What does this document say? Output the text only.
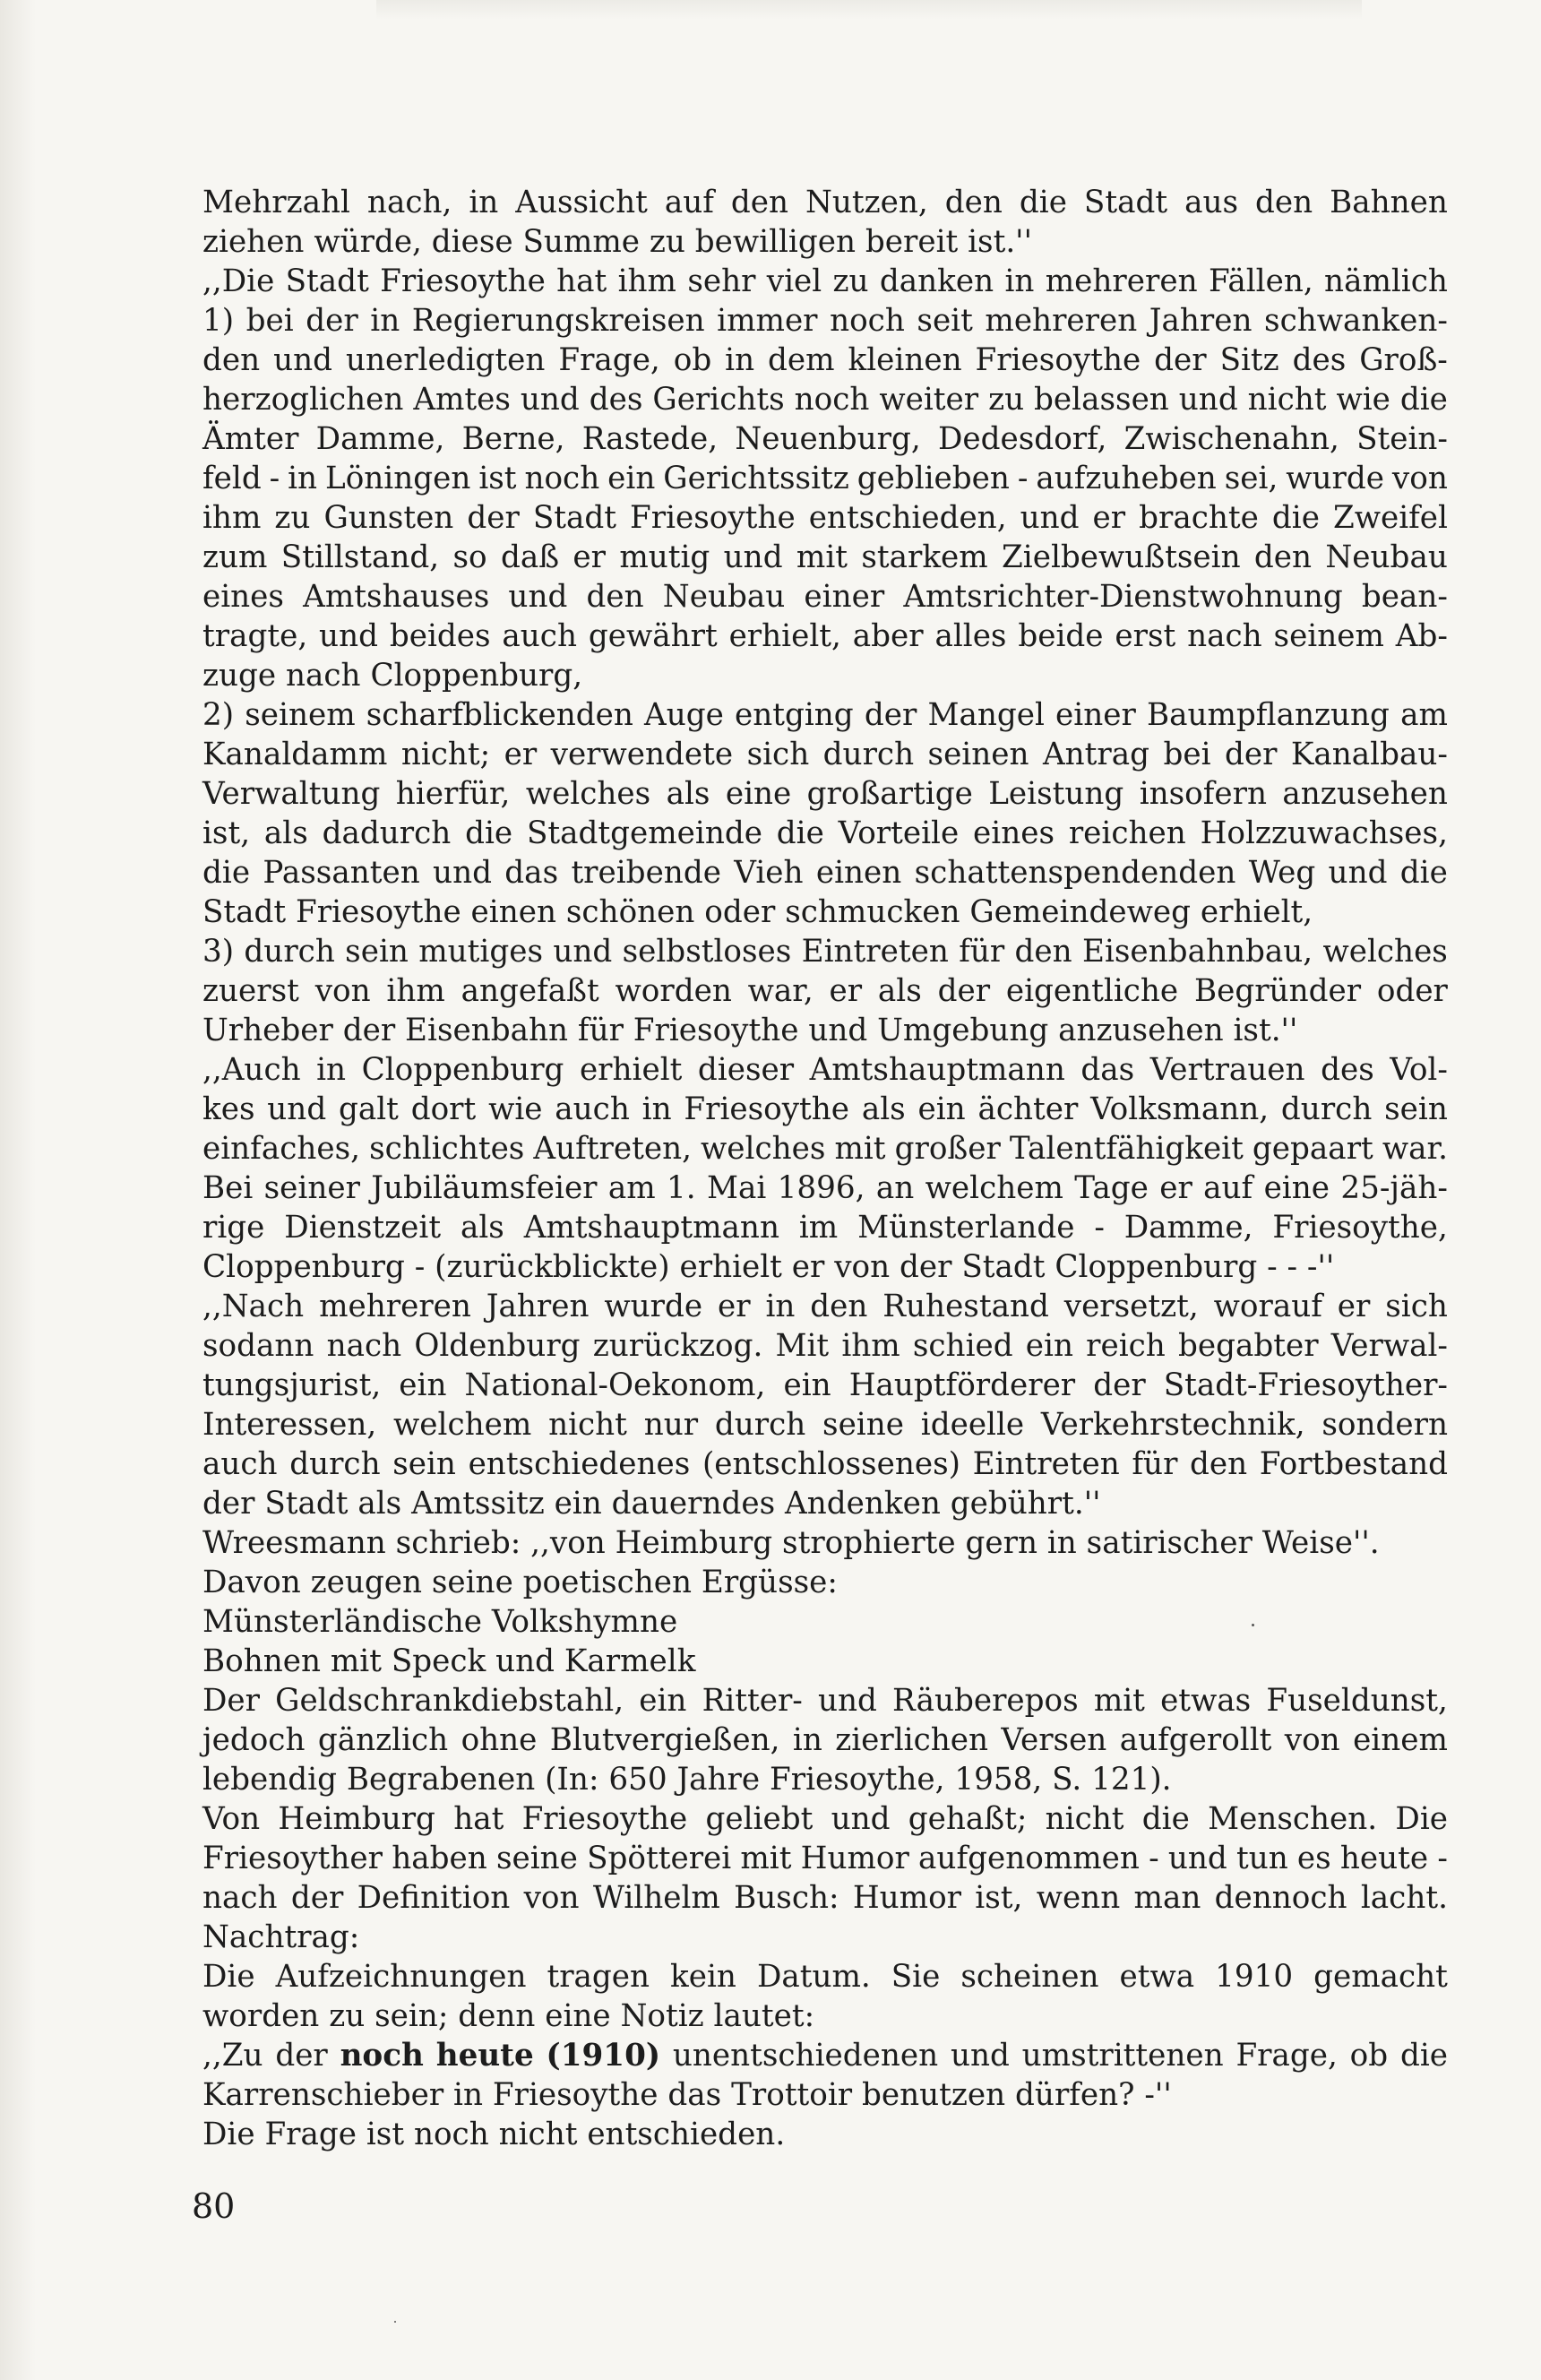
Mehrzahl nach, in Aussicht auf den Nutzen, den die Stadt aus den Bahnen
ziehen würde, diese Summe zu bewilligen bereit ist.''
,,Die Stadt Friesoythe hat ihm sehr viel zu danken in mehreren Fällen, nämlich
1) bei der in Regierungskreisen immer noch seit mehreren Jahren schwanken-
den und unerledigten Frage, ob in dem kleinen Friesoythe der Sitz des Groß-
herzoglichen Amtes und des Gerichts noch weiter zu belassen und nicht wie die
Ämter Damme, Berne, Rastede, Neuenburg, Dedesdorf, Zwischenahn, Stein-
feld - in Löningen ist noch ein Gerichtssitz geblieben - aufzuheben sei, wurde von
ihm zu Gunsten der Stadt Friesoythe entschieden, und er brachte die Zweifel
zum Stillstand, so daß er mutig und mit starkem Zielbewußtsein den Neubau
eines Amtshauses und den Neubau einer Amtsrichter-Dienstwohnung bean-
tragte, und beides auch gewährt erhielt, aber alles beide erst nach seinem Ab-
zuge nach Cloppenburg,
2) seinem scharfblickenden Auge entging der Mangel einer Baumpflanzung am
Kanaldamm nicht; er verwendete sich durch seinen Antrag bei der Kanalbau-
Verwaltung hierfür, welches als eine großartige Leistung insofern anzusehen
ist, als dadurch die Stadtgemeinde die Vorteile eines reichen Holzzuwachses,
die Passanten und das treibende Vieh einen schattenspendenden Weg und die
Stadt Friesoythe einen schönen oder schmucken Gemeindeweg erhielt,
3) durch sein mutiges und selbstloses Eintreten für den Eisenbahnbau, welches
zuerst von ihm angefaßt worden war, er als der eigentliche Begründer oder
Urheber der Eisenbahn für Friesoythe und Umgebung anzusehen ist.''
,,Auch in Cloppenburg erhielt dieser Amtshauptmann das Vertrauen des Vol-
kes und galt dort wie auch in Friesoythe als ein ächter Volksmann, durch sein
einfaches, schlichtes Auftreten, welches mit großer Talentfähigkeit gepaart war.
Bei seiner Jubiläumsfeier am 1. Mai 1896, an welchem Tage er auf eine 25-jäh-
rige Dienstzeit als Amtshauptmann im Münsterlande - Damme, Friesoythe,
Cloppenburg - (zurückblickte) erhielt er von der Stadt Cloppenburg - - -''
,,Nach mehreren Jahren wurde er in den Ruhestand versetzt, worauf er sich
sodann nach Oldenburg zurückzog. Mit ihm schied ein reich begabter Verwal-
tungsjurist, ein National-Oekonom, ein Hauptförderer der Stadt-Friesoyther-
Interessen, welchem nicht nur durch seine ideelle Verkehrstechnik, sondern
auch durch sein entschiedenes (entschlossenes) Eintreten für den Fortbestand
der Stadt als Amtssitz ein dauerndes Andenken gebührt.''
Wreesmann schrieb: ,,von Heimburg strophierte gern in satirischer Weise''.
Davon zeugen seine poetischen Ergüsse:
Münsterländische Volkshymne
Bohnen mit Speck und Karmelk
Der Geldschrankdiebstahl, ein Ritter- und Räuberepos mit etwas Fuseldunst,
jedoch gänzlich ohne Blutvergießen, in zierlichen Versen aufgerollt von einem
lebendig Begrabenen (In: 650 Jahre Friesoythe, 1958, S. 121).
Von Heimburg hat Friesoythe geliebt und gehaßt; nicht die Menschen. Die
Friesoyther haben seine Spötterei mit Humor aufgenommen - und tun es heute -
nach der Definition von Wilhelm Busch: Humor ist, wenn man dennoch lacht.
Nachtrag:
Die Aufzeichnungen tragen kein Datum. Sie scheinen etwa 1910 gemacht
worden zu sein; denn eine Notiz lautet:
,,Zu der noch heute (1910) unentschiedenen und umstrittenen Frage, ob die
Karrenschieber in Friesoythe das Trottoir benutzen dürfen? -''
Die Frage ist noch nicht entschieden.
80
